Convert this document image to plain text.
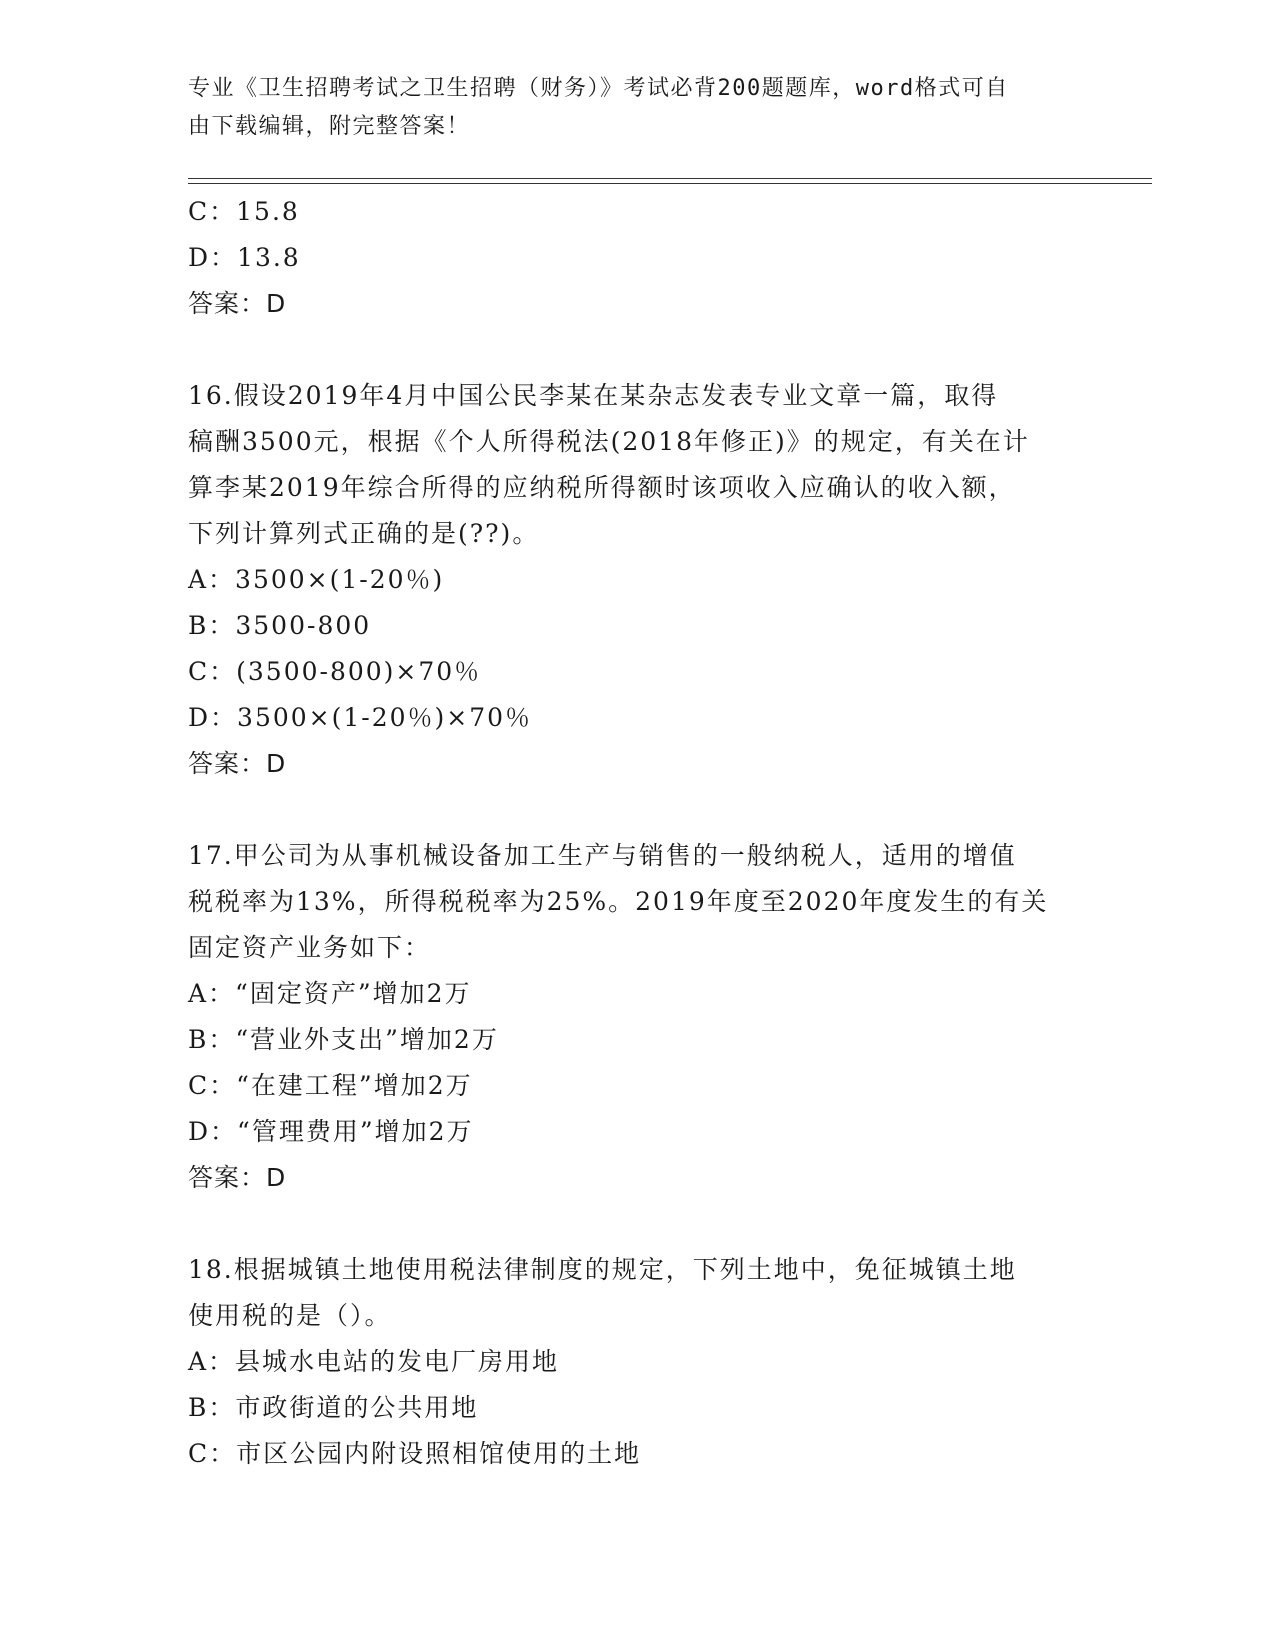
专业《卫生招聘考试之卫生招聘（财务）》考试必背200题题库，word格式可自
由下载编辑，附完整答案！
C：15.8
D：13.8
答案：D
16.假设2019年4月中国公民李某在某杂志发表专业文章一篇，取得
稿酬3500元，根据《个人所得税法(2018年修正)》的规定，有关在计
算李某2019年综合所得的应纳税所得额时该项收入应确认的收入额，
下列计算列式正确的是(??)。
A：3500×(1-20％)
B：3500-800
C：(3500-800)×70％
D：3500×(1-20％)×70％
答案：D
17.甲公司为从事机械设备加工生产与销售的一般纳税人，适用的增值
税税率为13%，所得税税率为25%。2019年度至2020年度发生的有关
固定资产业务如下：
A：“固定资产”增加2万
B：“营业外支出”增加2万
C：“在建工程”增加2万
D：“管理费用”增加2万
答案：D
18.根据城镇土地使用税法律制度的规定，下列土地中，免征城镇土地
使用税的是（）。
A：县城水电站的发电厂房用地
B：市政街道的公共用地
C：市区公园内附设照相馆使用的土地
